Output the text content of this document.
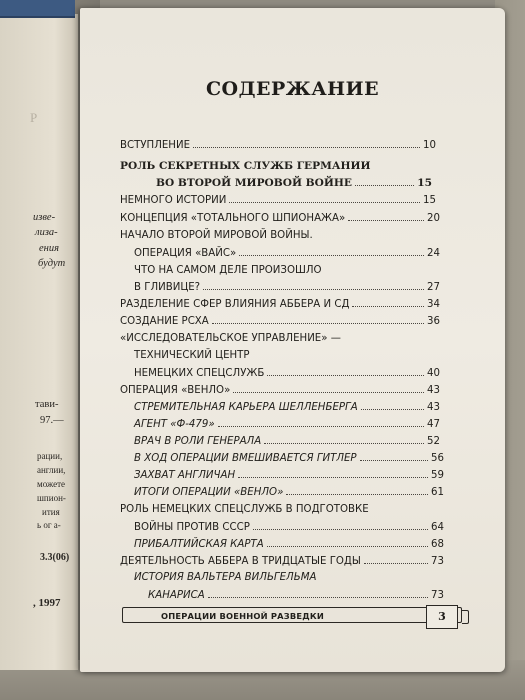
Р
изве-
лиза-
ения
будут
тави-
97.—
рации,
англии,
можете
шпион-
ития
ь ог а-
3.3(06)
, 1997
СОДЕРЖАНИЕ
ВСТУПЛЕНИЕ	10
РОЛЬ СЕКРЕТНЫХ СЛУЖБ ГЕРМАНИИ
ВО ВТОРОЙ МИРОВОЙ ВОЙНЕ	15
НЕМНОГО ИСТОРИИ	15
КОНЦЕПЦИЯ «ТОТАЛЬНОГО ШПИОНАЖА»	20
НАЧАЛО ВТОРОЙ МИРОВОЙ ВОЙНЫ.
ОПЕРАЦИЯ «ВАЙС»	24
ЧТО НА САМОМ ДЕЛЕ ПРОИЗОШЛО
В ГЛИВИЦЕ?	27
РАЗДЕЛЕНИЕ СФЕР ВЛИЯНИЯ АББЕРА И СД	34
СОЗДАНИЕ РСХА	36
«ИССЛЕДОВАТЕЛЬСКОЕ УПРАВЛЕНИЕ» —
ТЕХНИЧЕСКИЙ ЦЕНТР
НЕМЕЦКИХ СПЕЦСЛУЖБ	40
ОПЕРАЦИЯ «ВЕНЛО»	43
СТРЕМИТЕЛЬНАЯ КАРЬЕРА ШЕЛЛЕНБЕРГА	43
АГЕНТ «Ф-479»	47
ВРАЧ В РОЛИ ГЕНЕРАЛА	52
В ХОД ОПЕРАЦИИ ВМЕШИВАЕТСЯ ГИТЛЕР	56
ЗАХВАТ АНГЛИЧАН	59
ИТОГИ ОПЕРАЦИИ «ВЕНЛО»	61
РОЛЬ НЕМЕЦКИХ СПЕЦСЛУЖБ В ПОДГОТОВКЕ
ВОЙНЫ ПРОТИВ СССР	64
ПРИБАЛТИЙСКАЯ КАРТА	68
ДЕЯТЕЛЬНОСТЬ АББЕРА В ТРИДЦАТЫЕ ГОДЫ	73
ИСТОРИЯ ВАЛЬТЕРА ВИЛЬГЕЛЬМА
КАНАРИСА	73
ОПЕРАЦИИ ВОЕННОЙ РАЗВЕДКИ	3
